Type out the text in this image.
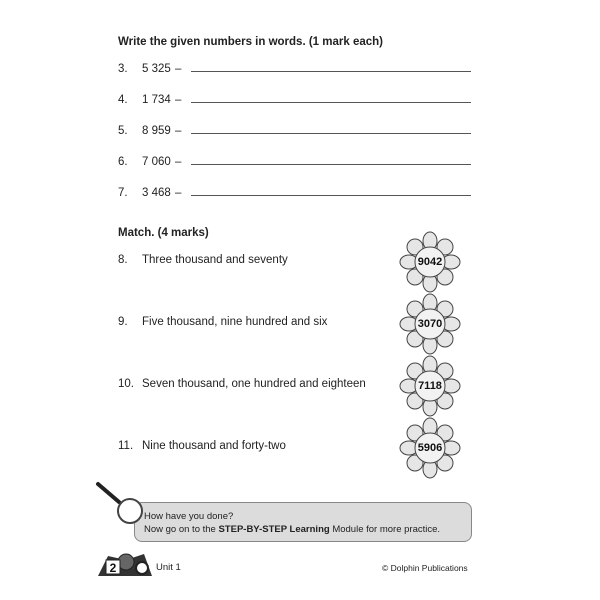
Write the given numbers in words. (1 mark each)
3. 5 325 –
4. 1 734 –
5. 8 959 –
6. 7 060 –
7. 3 468 –
Match. (4 marks)
8. Three thousand and seventy
9. Five thousand, nine hundred and six
10. Seven thousand, one hundred and eighteen
11. Nine thousand and forty-two
9042
3070
7118
5906
How have you done?
Now go on to the STEP-BY-STEP Learning Module for more practice.
2	Unit 1	© Dolphin Publications
